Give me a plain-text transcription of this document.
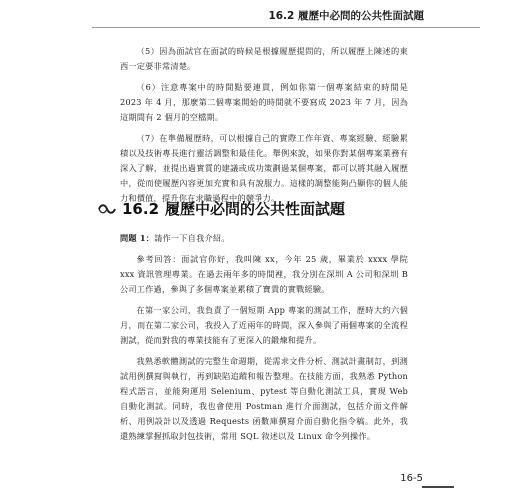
16.2 履歷中必問的公共性面試題

（5）因為面試官在面試的時候是根據履歷提問的，所以履歷上陳述的東西一定要非常清楚。

（6）注意專案中的時間點要連貫，例如你第一個專案結束的時間是 2023 年 4 月，那麼第二個專案開始的時間就不要寫成 2023 年 7 月，因為這期間有 2 個月的空檔期。

（7）在準備履歷時，可以根據自己的實際工作年資、專案經驗、經驗累積以及技術專長進行靈活調整和最佳化。舉例來說，如果你對某個專案業務有深入了解，並提出過實質的建議或成功策劃過某個專案，都可以將其融入履歷中，從而使履歷內容更加充實和具有說服力。這樣的調整能夠凸顯你的個人能力和價值，提升你在求職過程中的競爭力。

16.2 履歷中必問的公共性面試題

問題 1：請作一下自我介紹。

參考回答：面試官你好，我叫陳 xx，今年 25 歲，畢業於 xxxx 學院 xxx 資訊管理專業。在過去兩年多的時間裡，我分別在深圳 A 公司和深圳 B 公司工作過，參與了多個專案並累積了寶貴的實戰經驗。

在第一家公司，我負責了一個短期 App 專案的測試工作，歷時大約六個月，而在第二家公司，我投入了近兩年的時間，深入參與了兩個專案的全流程測試，從而對我的專業技能有了更深入的鍛煉和提升。

我熟悉軟體測試的完整生命週期，從需求文件分析、測試計畫制訂，到測試用例撰寫與執行，再到缺陷追蹤和報告整理。在技能方面，我熟悉 Python 程式語言，並能夠運用 Selenium、pytest 等自動化測試工具，實現 Web 自動化測試。同時，我也會使用 Postman 進行介面測試，包括介面文件解析、用例設計以及透過 Requests 函數庫撰寫介面自動化指令稿。此外，我還熟練掌握抓取封包技術，常用 SQL 敘述以及 Linux 命令列操作。

16-5
